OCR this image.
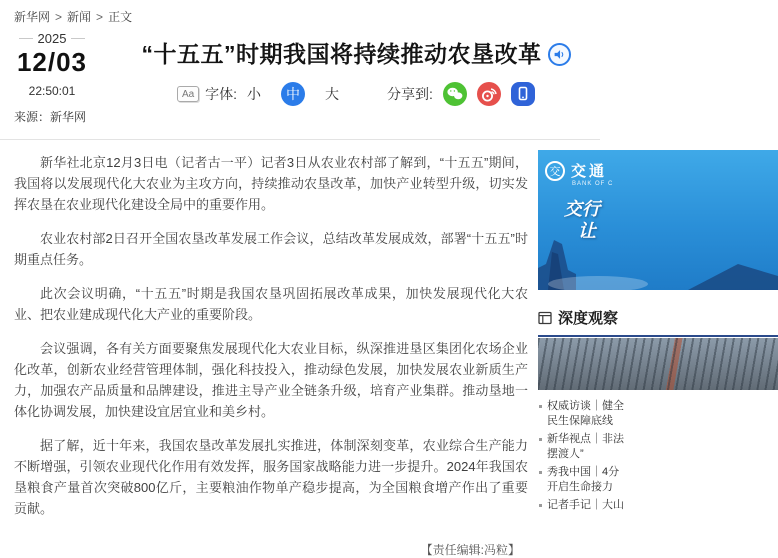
新华网 > 新闻 > 正文
2025
12/03
22:50:01
来源：新华网
“十五五”时期我国将持续推动农垦改革
Aa 字体: 小	中	大	分享到:

新华社北京12月3日电（记者古一平）记者3日从农业农村部了解到，“十五五”期间，我国将以发展现代化大农业为主攻方向，持续推动农垦改革，加快产业转型升级，切实发挥农垦在农业现代化建设全局中的重要作用。

农业农村部2日召开全国农垦改革发展工作会议，总结改革发展成效，部署“十五五”时期重点任务。

此次会议明确，“十五五”时期是我国农垦巩固拓展改革成果，加快发展现代化大农业、把农业建成现代化大产业的重要阶段。

会议强调，各有关方面要聚焦发展现代化大农业目标，纵深推进垦区集团化农场企业化改革，创新农业经营管理体制，强化科技投入，推动绿色发展，加快发展农业新质生产力，加强农产品质量和品牌建设，推进主导产业全链条升级，培育产业集群。推动垦地一体化协调发展，加快建设宜居宜业和美乡村。

据了解，近十年来，我国农垦改革发展扎实推进，体制深刻变革，农业综合生产能力不断增强，引领农业现代化作用有效发挥，服务国家战略能力进一步提升。2024年我国农垦粮食产量首次突破800亿斤，主要粮油作物单产稳步提高，为全国粮食增产作出了重要贡献。

【责任编辑:冯粒】
交 交通
BANK OF C
交行
让
深度观察
权威访谈｜健全
民生保障底线
新华视点｜非法
摆渡人”
秀我中国｜4分
开启生命接力
记者手记｜大山
